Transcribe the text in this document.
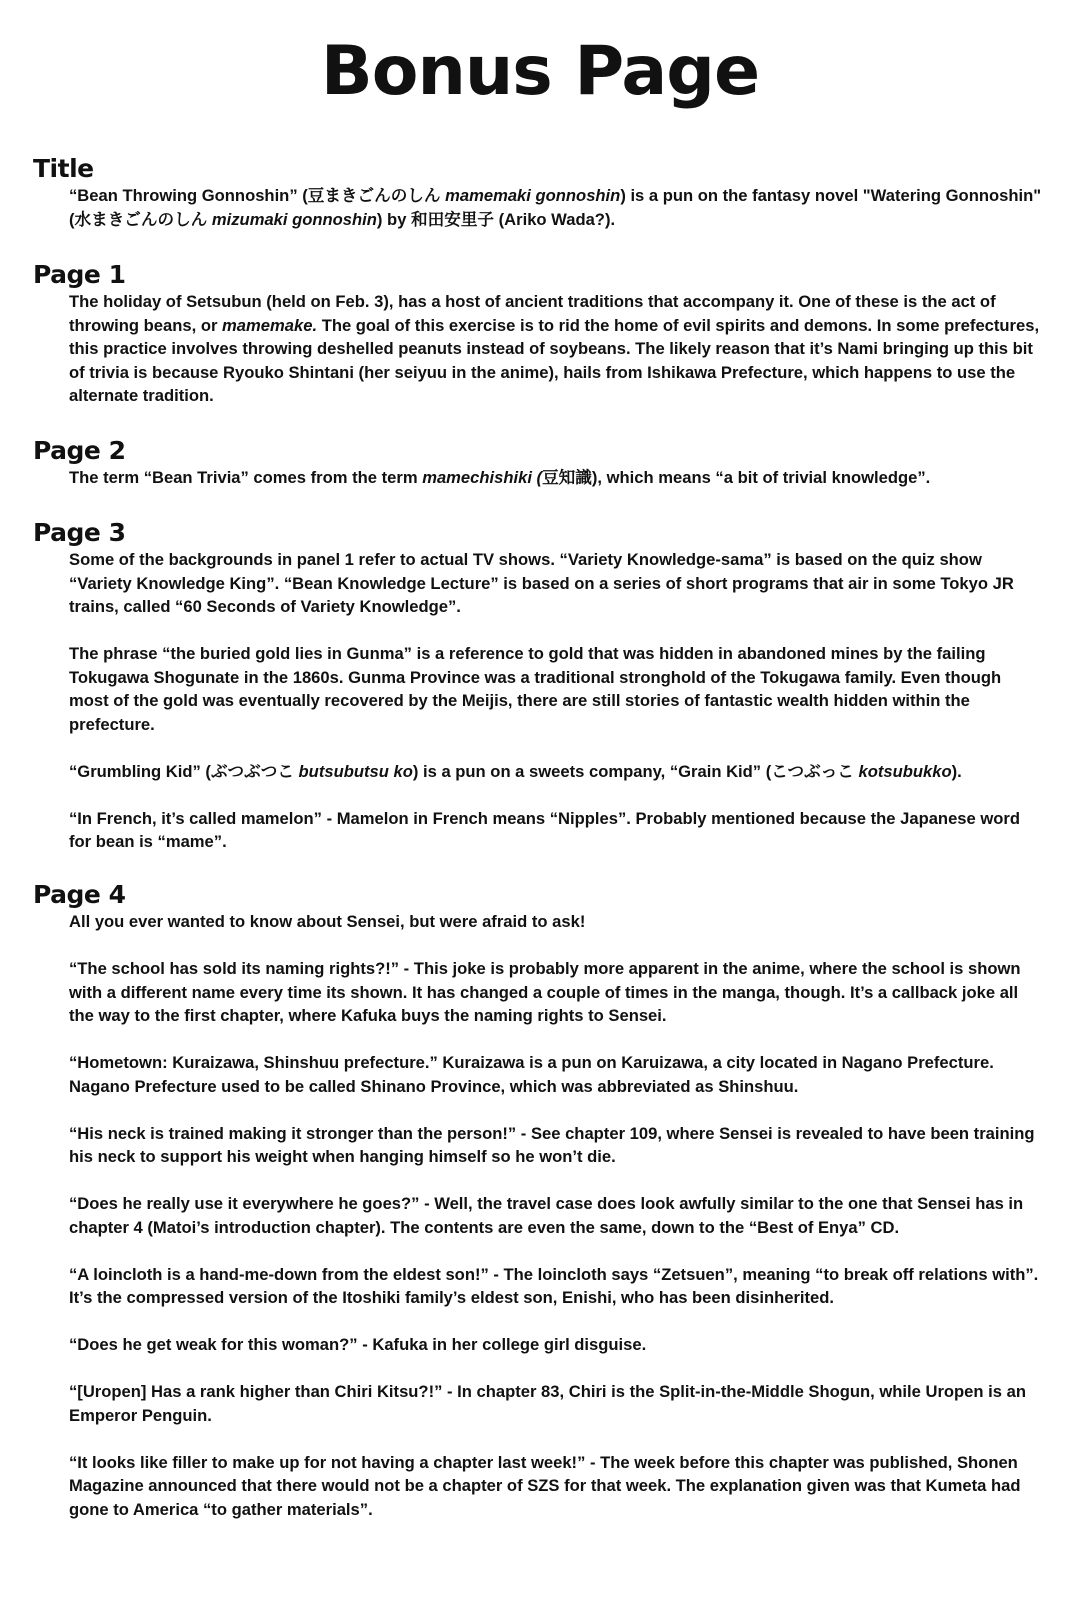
Bonus Page
Title

“Bean Throwing Gonnoshin” (豆まきごんのしん mamemaki gonnoshin) is a pun on the fantasy novel "Watering Gonnoshin" (水まきごんのしん mizumaki gonnoshin) by 和田安里子 (Ariko Wada?).

Page 1

The holiday of Setsubun (held on Feb. 3), has a host of ancient traditions that accompany it. One of these is the act of throwing beans, or mamemake. The goal of this exercise is to rid the home of evil spirits and demons. In some prefectures, this practice involves throwing deshelled peanuts instead of soybeans. The likely reason that it’s Nami bringing up this bit of trivia is because Ryouko Shintani (her seiyuu in the anime), hails from Ishikawa Prefecture, which happens to use the alternate tradition.

Page 2

The term “Bean Trivia” comes from the term mamechishiki (豆知識), which means “a bit of trivial knowledge”.

Page 3

Some of the backgrounds in panel 1 refer to actual TV shows. “Variety Knowledge-sama” is based on the quiz show “Variety Knowledge King”. “Bean Knowledge Lecture” is based on a series of short programs that air in some Tokyo JR trains, called “60 Seconds of Variety Knowledge”.

The phrase “the buried gold lies in Gunma” is a reference to gold that was hidden in abandoned mines by the failing Tokugawa Shogunate in the 1860s. Gunma Province was a traditional stronghold of the Tokugawa family. Even though most of the gold was eventually recovered by the Meijis, there are still stories of fantastic wealth hidden within the prefecture.

“Grumbling Kid” (ぶつぶつこ butsubutsu ko) is a pun on a sweets company, “Grain Kid” (こつぶっこ kotsubukko).

“In French, it’s called mamelon” - Mamelon in French means “Nipples”. Probably mentioned because the Japanese word for bean is “mame”.

Page 4

All you ever wanted to know about Sensei, but were afraid to ask!

“The school has sold its naming rights?!” - This joke is probably more apparent in the anime, where the school is shown with a different name every time its shown. It has changed a couple of times in the manga, though. It’s a callback joke all the way to the first chapter, where Kafuka buys the naming rights to Sensei.

“Hometown: Kuraizawa, Shinshuu prefecture.” Kuraizawa is a pun on Karuizawa, a city located in Nagano Prefecture. Nagano Prefecture used to be called Shinano Province, which was abbreviated as Shinshuu.

“His neck is trained making it stronger than the person!” - See chapter 109, where Sensei is revealed to have been training his neck to support his weight when hanging himself so he won’t die.

“Does he really use it everywhere he goes?” - Well, the travel case does look awfully similar to the one that Sensei has in chapter 4 (Matoi’s introduction chapter). The contents are even the same, down to the “Best of Enya” CD.

“A loincloth is a hand-me-down from the eldest son!” - The loincloth says “Zetsuen”, meaning “to break off relations with”. It’s the compressed version of the Itoshiki family’s eldest son, Enishi, who has been disinherited.

“Does he get weak for this woman?” - Kafuka in her college girl disguise.

“[Uropen] Has a rank higher than Chiri Kitsu?!” - In chapter 83, Chiri is the Split-in-the-Middle Shogun, while Uropen is an Emperor Penguin.

“It looks like filler to make up for not having a chapter last week!” - The week before this chapter was published, Shonen Magazine announced that there would not be a chapter of SZS for that week. The explanation given was that Kumeta had gone to America “to gather materials”.
